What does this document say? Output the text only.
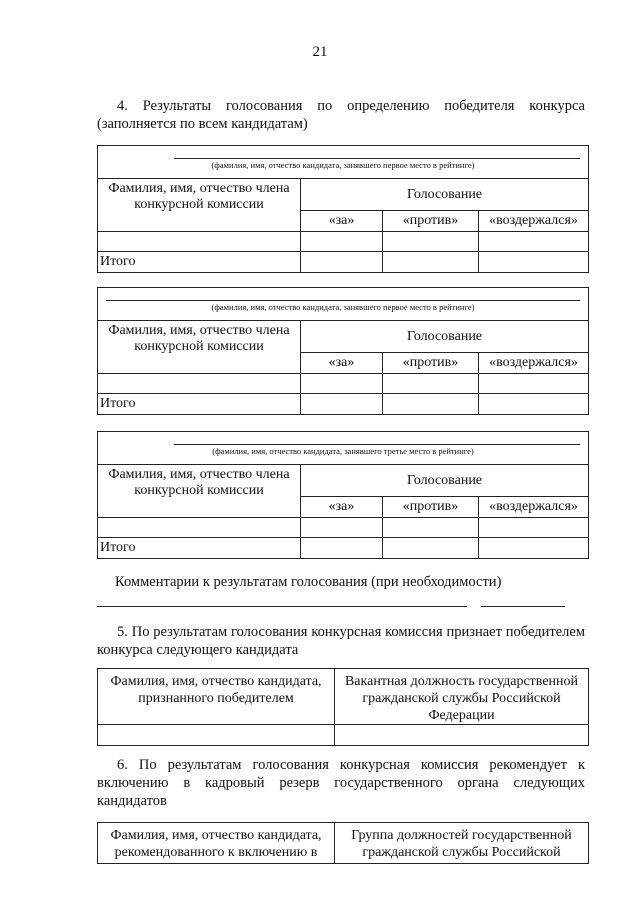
21
4. Результаты голосования по определению победителя конкурса (заполняется по всем кандидатам)
(фамилия, имя, отчество кандидата, занявшего первое место в рейтинге)			

Фамилия, имя, отчество члена конкурсной комиссии	Голосование		
	«за»	«против»	«воздержался»

Итого			
(фамилия, имя, отчество кандидата, занявшего первое место в рейтинге)			

Фамилия, имя, отчество члена конкурсной комиссии	Голосование		
	«за»	«против»	«воздержался»

Итого			
(фамилия, имя, отчество кандидата, занявшего третье место в рейтинге)			

Фамилия, имя, отчество члена конкурсной комиссии	Голосование		
	«за»	«против»	«воздержался»

Итого			
Комментарии к результатам голосования (при необходимости)
5. По результатам голосования конкурсная комиссия признает победителем конкурса следующего кандидата
Фамилия, имя, отчество кандидата, признанного победителем	Вакантная должность государственной гражданской службы Российской Федерации

6. По результатам голосования конкурсная комиссия рекомендует к включению в кадровый резерв государственного органа следующих кандидатов
Фамилия, имя, отчество кандидата, рекомендованного к включению в	Группа должностей государственной гражданской службы Российской
